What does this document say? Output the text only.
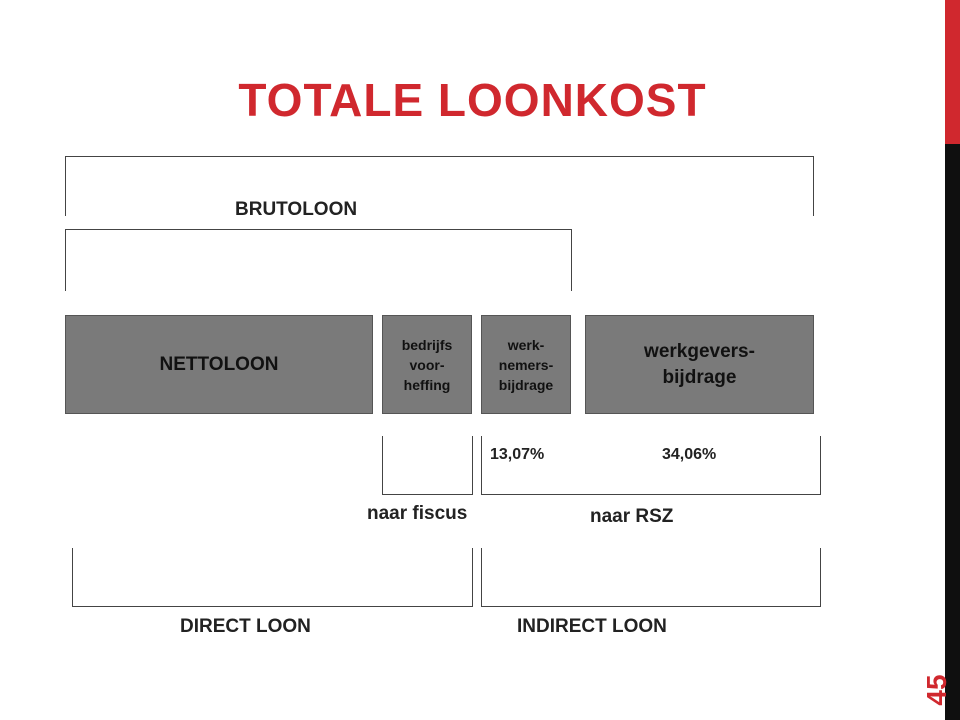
45
TOTALE LOONKOST
BRUTOLOON
NETTOLOON
bedrijfs
voor-
heffing
werk-
nemers-
bijdrage
werkgevers-
bijdrage
naar fiscus
13,07%	34,06%
naar RSZ
DIRECT LOON	INDIRECT LOON
